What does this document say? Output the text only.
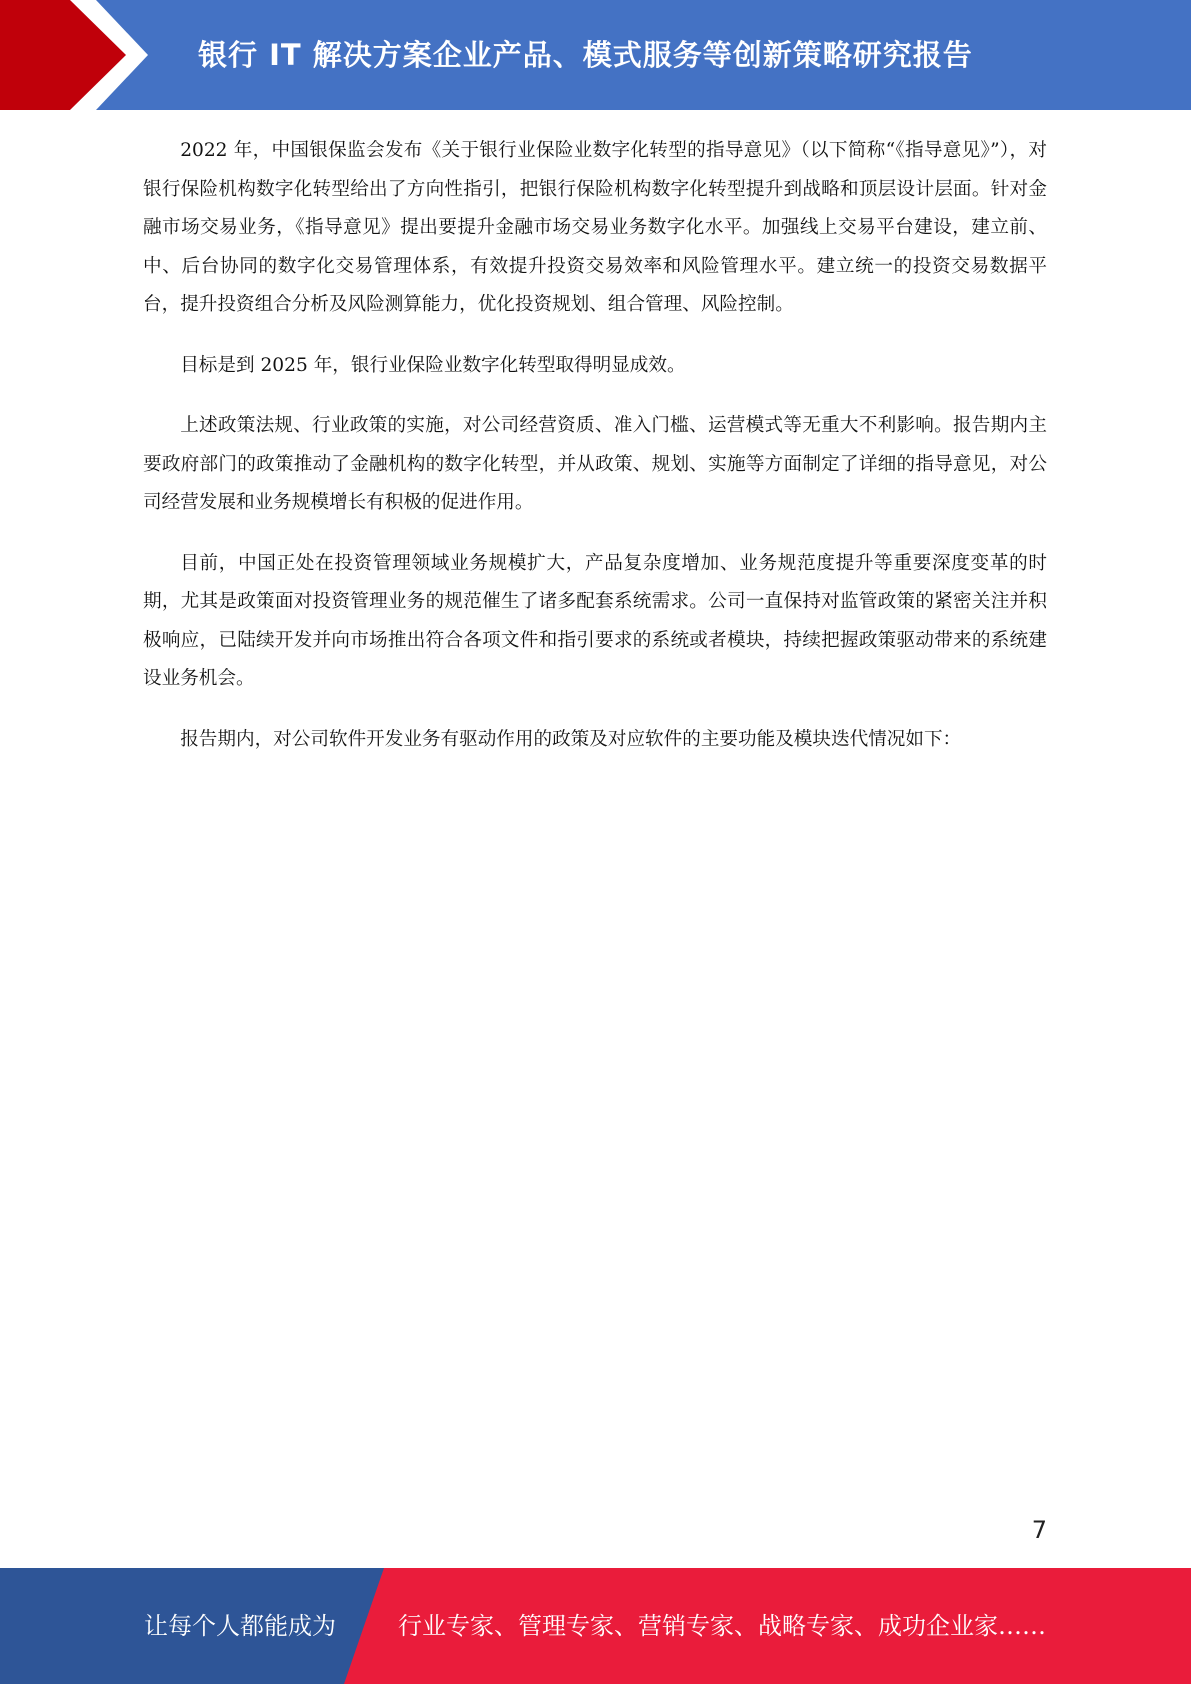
银行 IT 解决方案企业产品、模式服务等创新策略研究报告

2022 年，中国银保监会发布《关于银行业保险业数字化转型的指导意见》（以下简称“《指导意见》”），对银行保险机构数字化转型给出了方向性指引，把银行保险机构数字化转型提升到战略和顶层设计层面。针对金融市场交易业务，《指导意见》提出要提升金融市场交易业务数字化水平。加强线上交易平台建设，建立前、中、后台协同的数字化交易管理体系，有效提升投资交易效率和风险管理水平。建立统一的投资交易数据平台，提升投资组合分析及风险测算能力，优化投资规划、组合管理、风险控制。

目标是到 2025 年，银行业保险业数字化转型取得明显成效。

上述政策法规、行业政策的实施，对公司经营资质、准入门槛、运营模式等无重大不利影响。报告期内主要政府部门的政策推动了金融机构的数字化转型，并从政策、规划、实施等方面制定了详细的指导意见，对公司经营发展和业务规模增长有积极的促进作用。

目前，中国正处在投资管理领域业务规模扩大，产品复杂度增加、业务规范度提升等重要深度变革的时期，尤其是政策面对投资管理业务的规范催生了诸多配套系统需求。公司一直保持对监管政策的紧密关注并积极响应，已陆续开发并向市场推出符合各项文件和指引要求的系统或者模块，持续把握政策驱动带来的系统建设业务机会。

报告期内，对公司软件开发业务有驱动作用的政策及对应软件的主要功能及模块迭代情况如下：

7
让每个人都能成为	行业专家、管理专家、营销专家、战略专家、成功企业家……
